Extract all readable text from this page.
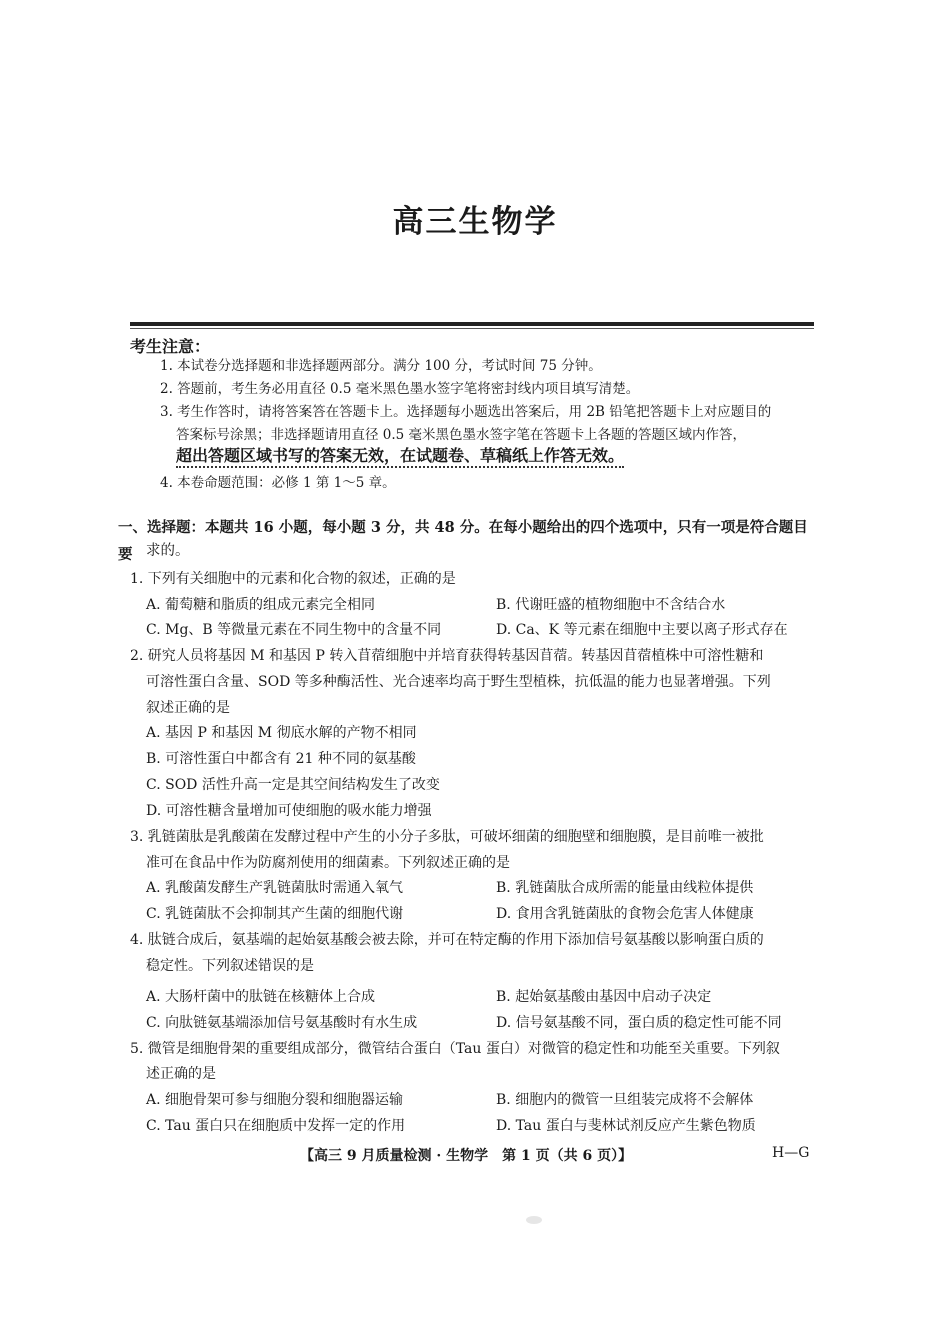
高三生物学
考生注意：
1. 本试卷分选择题和非选择题两部分。满分 100 分，考试时间 75 分钟。
2. 答题前，考生务必用直径 0.5 毫米黑色墨水签字笔将密封线内项目填写清楚。
3. 考生作答时，请将答案答在答题卡上。选择题每小题选出答案后，用 2B 铅笔把答题卡上对应题目的
答案标号涂黑；非选择题请用直径 0.5 毫米黑色墨水签字笔在答题卡上各题的答题区域内作答，
超出答题区域书写的答案无效，在试题卷、草稿纸上作答无效。
4. 本卷命题范围：必修 1 第 1～5 章。
一、选择题：本题共 16 小题，每小题 3 分，共 48 分。在每小题给出的四个选项中，只有一项是符合题目要 求的。
1. 下列有关细胞中的元素和化合物的叙述，正确的是
A. 葡萄糖和脂质的组成元素完全相同	B. 代谢旺盛的植物细胞中不含结合水
C. Mg、B 等微量元素在不同生物中的含量不同	D. Ca、K 等元素在细胞中主要以离子形式存在
2. 研究人员将基因 M 和基因 P 转入苜蓿细胞中并培育获得转基因苜蓿。转基因苜蓿植株中可溶性糖和
可溶性蛋白含量、SOD 等多种酶活性、光合速率均高于野生型植株，抗低温的能力也显著增强。下列
叙述正确的是
A. 基因 P 和基因 M 彻底水解的产物不相同
B. 可溶性蛋白中都含有 21 种不同的氨基酸
C. SOD 活性升高一定是其空间结构发生了改变
D. 可溶性糖含量增加可使细胞的吸水能力增强
3. 乳链菌肽是乳酸菌在发酵过程中产生的小分子多肽，可破坏细菌的细胞壁和细胞膜，是目前唯一被批
准可在食品中作为防腐剂使用的细菌素。下列叙述正确的是
A. 乳酸菌发酵生产乳链菌肽时需通入氧气	B. 乳链菌肽合成所需的能量由线粒体提供
C. 乳链菌肽不会抑制其产生菌的细胞代谢	D. 食用含乳链菌肽的食物会危害人体健康
4. 肽链合成后，氨基端的起始氨基酸会被去除，并可在特定酶的作用下添加信号氨基酸以影响蛋白质的
稳定性。下列叙述错误的是
A. 大肠杆菌中的肽链在核糖体上合成	B. 起始氨基酸由基因中启动子决定
C. 向肽链氨基端添加信号氨基酸时有水生成	D. 信号氨基酸不同，蛋白质的稳定性可能不同
5. 微管是细胞骨架的重要组成部分，微管结合蛋白（Tau 蛋白）对微管的稳定性和功能至关重要。下列叙
述正确的是
A. 细胞骨架可参与细胞分裂和细胞器运输	B. 细胞内的微管一旦组装完成将不会解体
C. Tau 蛋白只在细胞质中发挥一定的作用	D. Tau 蛋白与斐林试剂反应产生紫色物质
【高三 9 月质量检测 · 生物学　第 1 页（共 6 页）】	H—G
